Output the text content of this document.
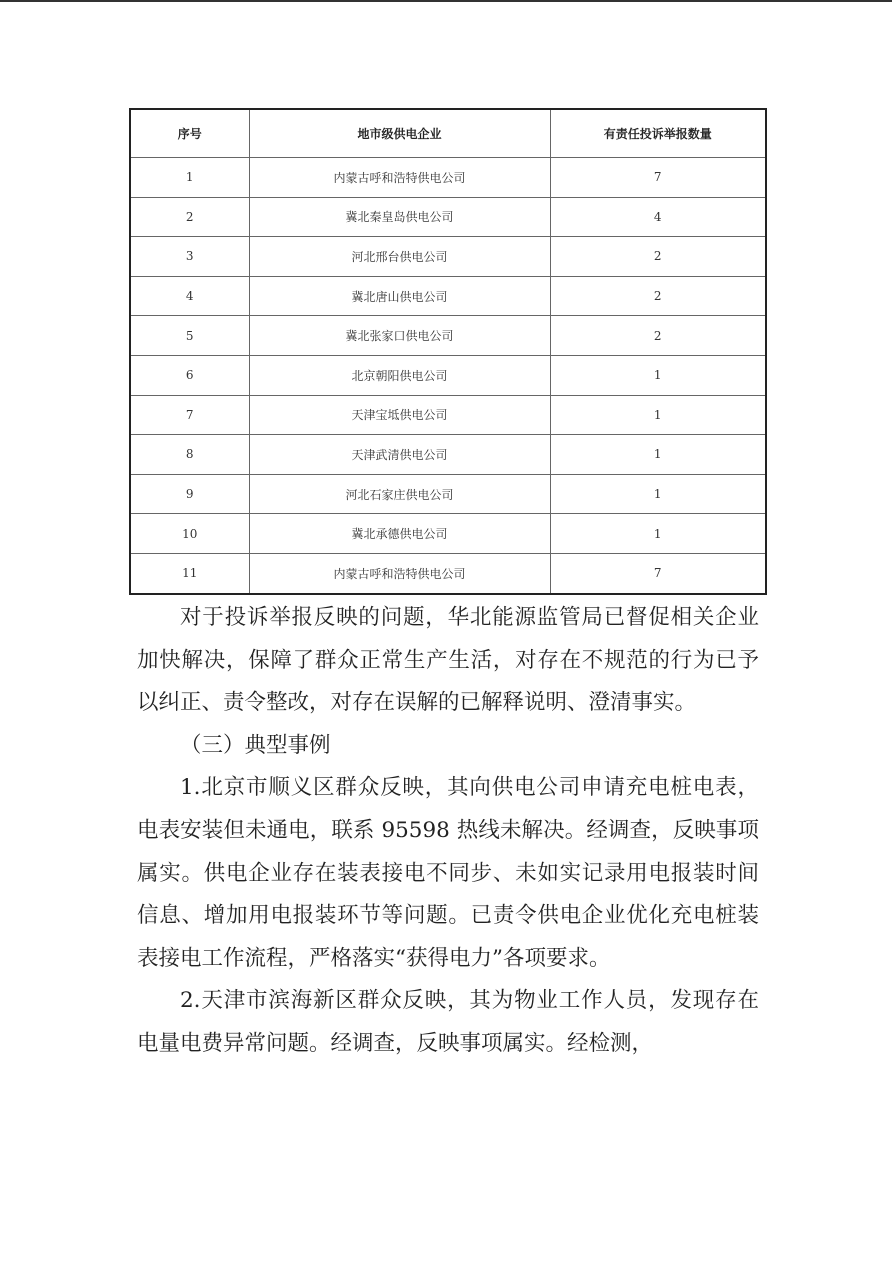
序号	地市级供电企业	有责任投诉举报数量
1	内蒙古呼和浩特供电公司	7
2	冀北秦皇岛供电公司	4
3	河北邢台供电公司	2
4	冀北唐山供电公司	2
5	冀北张家口供电公司	2
6	北京朝阳供电公司	1
7	天津宝坻供电公司	1
8	天津武清供电公司	1
9	河北石家庄供电公司	1
10	冀北承德供电公司	1
11	内蒙古呼和浩特供电公司	7

对于投诉举报反映的问题，华北能源监管局已督促相关企业加快解决，保障了群众正常生产生活，对存在不规范的行为已予以纠正、责令整改，对存在误解的已解释说明、澄清事实。

（三）典型事例

1.北京市顺义区群众反映，其向供电公司申请充电桩电表，电表安装但未通电，联系 95598 热线未解决。经调查，反映事项属实。供电企业存在装表接电不同步、未如实记录用电报装时间信息、增加用电报装环节等问题。已责令供电企业优化充电桩装表接电工作流程，严格落实“获得电力”各项要求。

2.天津市滨海新区群众反映，其为物业工作人员，发现存在电量电费异常问题。经调查，反映事项属实。经检测，
